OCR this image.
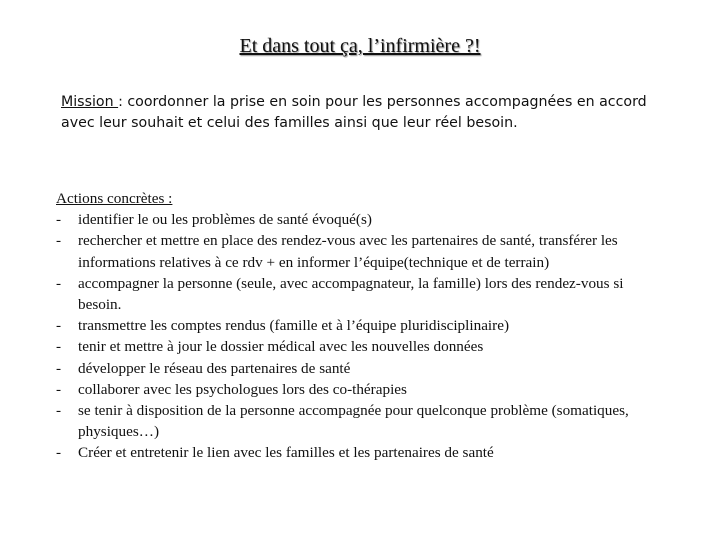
Et dans tout ça, l’infirmière ?!
Mission : coordonner la prise en soin pour les personnes accompagnées en accord avec leur souhait et celui des familles ainsi que leur réel besoin.
Actions concrètes :
-	identifier le ou les problèmes de santé évoqué(s)
-	rechercher et mettre en place des rendez-vous avec les partenaires de santé, transférer les informations relatives à ce rdv + en informer l’équipe(technique et de terrain)
-	accompagner la personne (seule, avec accompagnateur, la famille) lors des rendez-vous si besoin.
-	transmettre les comptes rendus (famille et à l’équipe pluridisciplinaire)
-	tenir et mettre à jour le dossier médical avec les nouvelles données
-	développer le réseau des partenaires de santé
-	collaborer avec les psychologues lors des co-thérapies
-	se tenir à disposition de la personne accompagnée pour quelconque problème (somatiques, physiques…)
-	Créer et entretenir le lien avec les familles et les partenaires de santé
